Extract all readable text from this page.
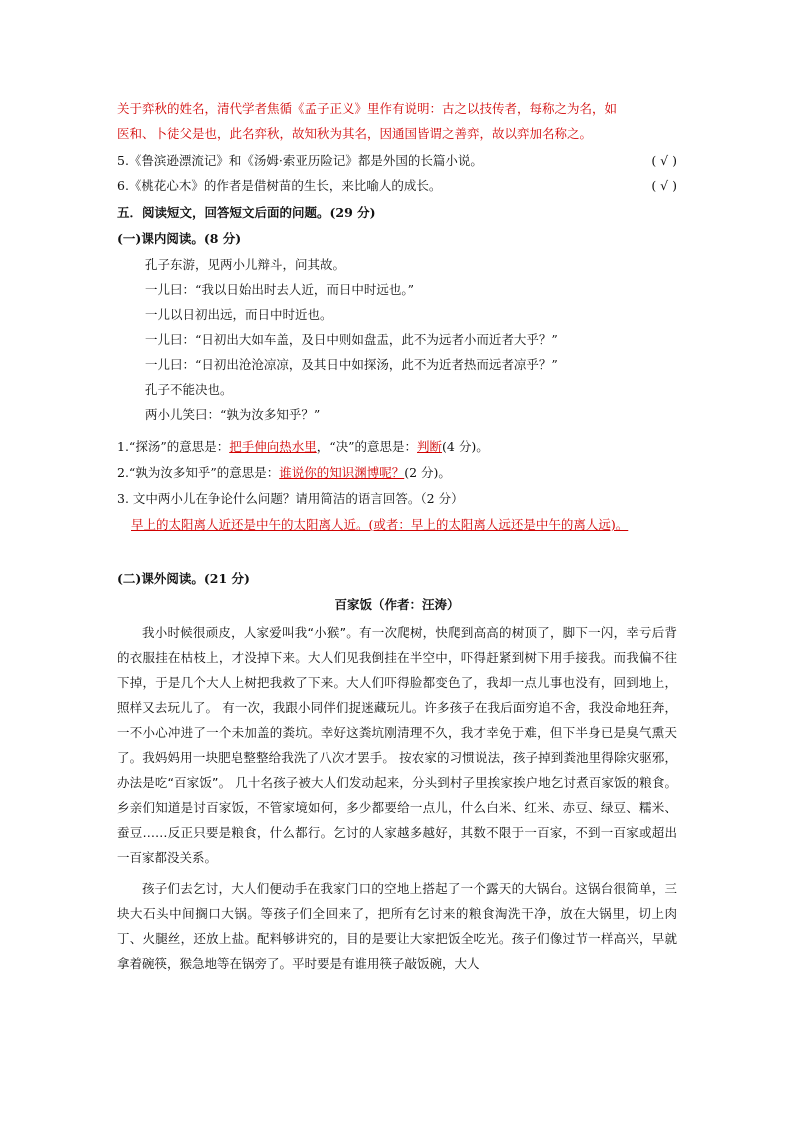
关于弈秋的姓名，清代学者焦循《孟子正义》里作有说明：古之以技传者，每称之为名，如
医和、卜徒父是也，此名弈秋，故知秋为其名，因通国皆谓之善弈，故以弈加名称之。
5.《鲁滨逊漂流记》和《汤姆·索亚历险记》都是外国的长篇小说。	( √ )
6.《桃花心木》的作者是借树苗的生长，来比喻人的成长。	( √ )
五．阅读短文，回答短文后面的问题。(29 分)
(一)课内阅读。(8 分)
孔子东游，见两小儿辩斗，问其故。
一儿曰：“我以日始出时去人近，而日中时远也。”
一儿以日初出远，而日中时近也。
一儿曰：“日初出大如车盖，及日中则如盘盂，此不为远者小而近者大乎？”
一儿曰：“日初出沧沧凉凉，及其日中如探汤，此不为近者热而远者凉乎？”
孔子不能决也。
两小儿笑曰：“孰为汝多知乎？”
1.“探汤”的意思是：把手伸向热水里，“决”的意思是：判断(4 分)。
2.“孰为汝多知乎”的意思是：谁说你的知识渊博呢？(2 分)。
3. 文中两小儿在争论什么问题？请用简洁的语言回答。（2 分）
早上的太阳离人近还是中午的太阳离人近。(或者：早上的太阳离人远还是中午的离人远)。
(二)课外阅读。(21 分)
百家饭（作者：汪涛）

我小时候很顽皮，人家爱叫我“小猴”。有一次爬树，快爬到高高的树顶了，脚下一闪，幸亏后背的衣服挂在枯枝上，才没掉下来。大人们见我倒挂在半空中，吓得赶紧到树下用手接我。而我偏不往下掉，于是几个大人上树把我救了下来。大人们吓得脸都变色了，我却一点儿事也没有，回到地上，照样又去玩儿了。 有一次，我跟小同伴们捉迷藏玩儿。许多孩子在我后面穷追不舍，我没命地狂奔，一不小心冲进了一个未加盖的粪坑。幸好这粪坑刚清理不久，我才幸免于难，但下半身已是臭气熏天了。我妈妈用一块肥皂整整给我洗了八次才罢手。 按农家的习惯说法，孩子掉到粪池里得除灾驱邪，办法是吃“百家饭”。 几十名孩子被大人们发动起来，分头到村子里挨家挨户地乞讨煮百家饭的粮食。乡亲们知道是讨百家饭，不管家境如何，多少都要给一点儿，什么白米、红米、赤豆、绿豆、糯米、蚕豆……反正只要是粮食，什么都行。乞讨的人家越多越好，其数不限于一百家，不到一百家或超出一百家都没关系。

孩子们去乞讨，大人们便动手在我家门口的空地上搭起了一个露天的大锅台。这锅台很简单，三块大石头中间搁口大锅。等孩子们全回来了，把所有乞讨来的粮食淘洗干净，放在大锅里，切上肉丁、火腿丝，还放上盐。配料够讲究的，目的是要让大家把饭全吃光。孩子们像过节一样高兴，早就拿着碗筷，猴急地等在锅旁了。平时要是有谁用筷子敲饭碗，大人
